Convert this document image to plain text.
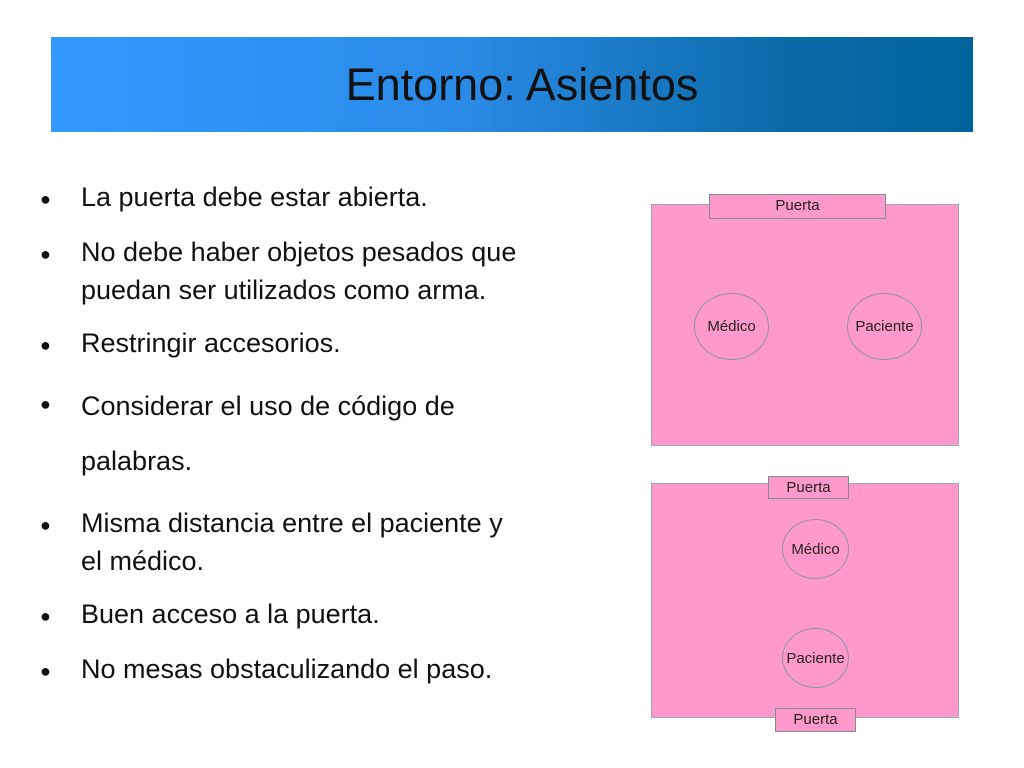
Entorno: Asientos
● La puerta debe estar abierta.
● No debe haber objetos pesados que
puedan ser utilizados como arma.
● Restringir accesorios.
● Considerar el uso de código de
palabras.
● Misma distancia entre el paciente y
el médico.
● Buen acceso a la puerta.
● No mesas obstaculizando el paso.
Puerta
Médico	Paciente
Puerta
Médico
Paciente
Puerta
